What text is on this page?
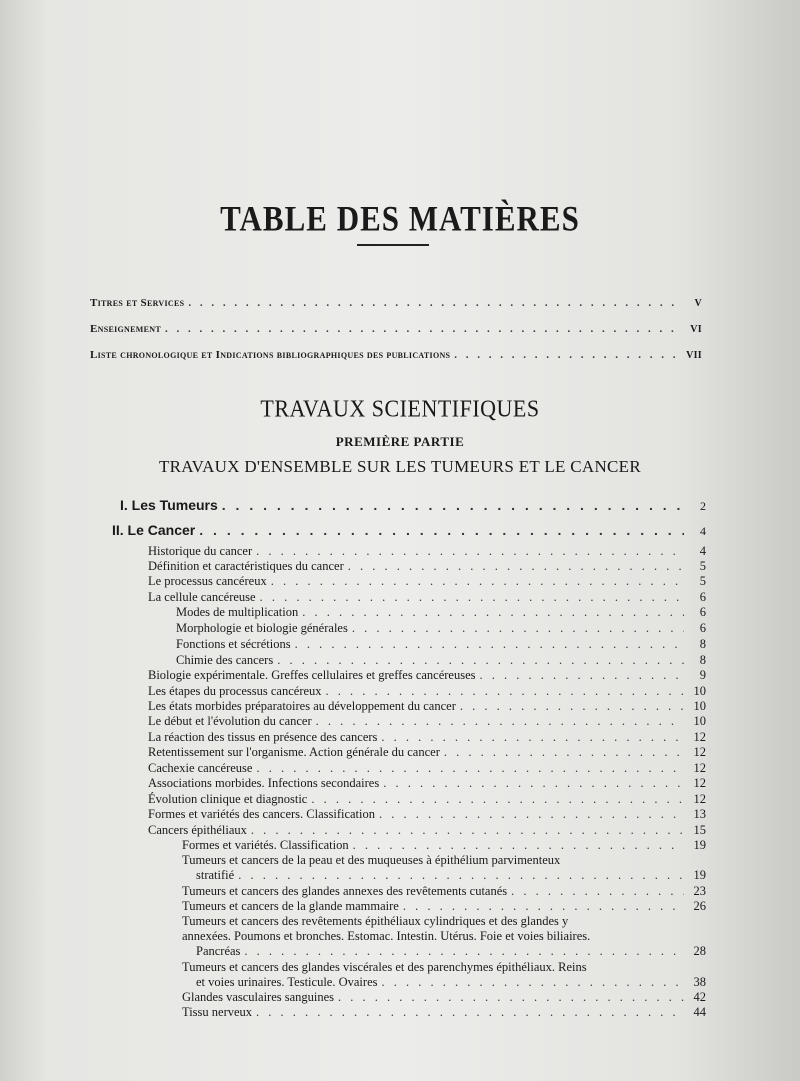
TABLE DES MATIÈRES
Titres et Services . . .	V
Enseignement . . .	VI
Liste chronologique et Indications bibliographiques des publications . . .	VII
TRAVAUX SCIENTIFIQUES
PREMIÈRE PARTIE
TRAVAUX D'ENSEMBLE SUR LES TUMEURS ET LE CANCER
I. Les Tumeurs . . .	2
II. Le Cancer . . .	4
Historique du cancer . . .	4
Définition et caractéristiques du cancer . . .	5
Le processus cancéreux . . .	5
La cellule cancéreuse . . .	6
Modes de multiplication . . .	6
Morphologie et biologie générales . . .	6
Fonctions et sécrétions . . .	8
Chimie des cancers . . .	8
Biologie expérimentale. Greffes cellulaires et greffes cancéreuses . . .	9
Les étapes du processus cancéreux . . .	10
Les états morbides préparatoires au développement du cancer . . .	10
Le début et l'évolution du cancer . . .	10
La réaction des tissus en présence des cancers . . .	12
Retentissement sur l'organisme. Action générale du cancer . . .	12
Cachexie cancéreuse . . .	12
Associations morbides. Infections secondaires . . .	12
Évolution clinique et diagnostic . . .	12
Formes et variétés des cancers. Classification . . .	13
Cancers épithéliaux . . .	15
Formes et variétés. Classification . . .	19
Tumeurs et cancers de la peau et des muqueuses à épithélium parvimenteux
stratifié . . .	19
Tumeurs et cancers des glandes annexes des revêtements cutanés . . .	23
Tumeurs et cancers de la glande mammaire . . .	26
Tumeurs et cancers des revêtements épithéliaux cylindriques et des glandes y
annexées. Poumons et bronches. Estomac. Intestin. Utérus. Foie et voies biliaires.
Pancréas . . .	28
Tumeurs et cancers des glandes viscérales et des parenchymes épithéliaux. Reins
et voies urinaires. Testicule. Ovaires . . .	38
Glandes vasculaires sanguines . . .	42
Tissu nerveux . . .	44
